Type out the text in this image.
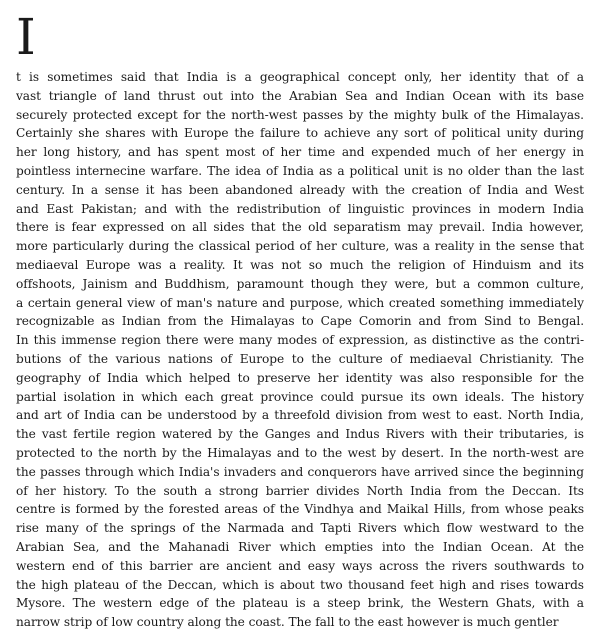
I
t is sometimes said that India is a geographical concept only, her identity that of a
vast triangle of land thrust out into the Arabian Sea and Indian Ocean with its base
securely protected except for the north-west passes by the mighty bulk of the Himalayas.
Certainly she shares with Europe the failure to achieve any sort of political unity during
her long history, and has spent most of her time and expended much of her energy in
pointless internecine warfare. The idea of India as a political unit is no older than the last
century. In a sense it has been abandoned already with the creation of India and West
and East Pakistan; and with the redistribution of linguistic provinces in modern India
there is fear expressed on all sides that the old separatism may prevail. India however,
more particularly during the classical period of her culture, was a reality in the sense that
mediaeval Europe was a reality. It was not so much the religion of Hinduism and its
offshoots, Jainism and Buddhism, paramount though they were, but a common culture,
a certain general view of man's nature and purpose, which created something immediately
recognizable as Indian from the Himalayas to Cape Comorin and from Sind to Bengal.
In this immense region there were many modes of expression, as distinctive as the contri-
butions of the various nations of Europe to the culture of mediaeval Christianity. The
geography of India which helped to preserve her identity was also responsible for the
partial isolation in which each great province could pursue its own ideals. The history
and art of India can be understood by a threefold division from west to east. North India,
the vast fertile region watered by the Ganges and Indus Rivers with their tributaries, is
protected to the north by the Himalayas and to the west by desert. In the north-west are
the passes through which India's invaders and conquerors have arrived since the beginning
of her history. To the south a strong barrier divides North India from the Deccan. Its
centre is formed by the forested areas of the Vindhya and Maikal Hills, from whose peaks
rise many of the springs of the Narmada and Tapti Rivers which flow westward to the
Arabian Sea, and the Mahanadi River which empties into the Indian Ocean. At the
western end of this barrier are ancient and easy ways across the rivers southwards to
the high plateau of the Deccan, which is about two thousand feet high and rises towards
Mysore. The western edge of the plateau is a steep brink, the Western Ghats, with a
narrow strip of low country along the coast. The fall to the east however is much gentler
